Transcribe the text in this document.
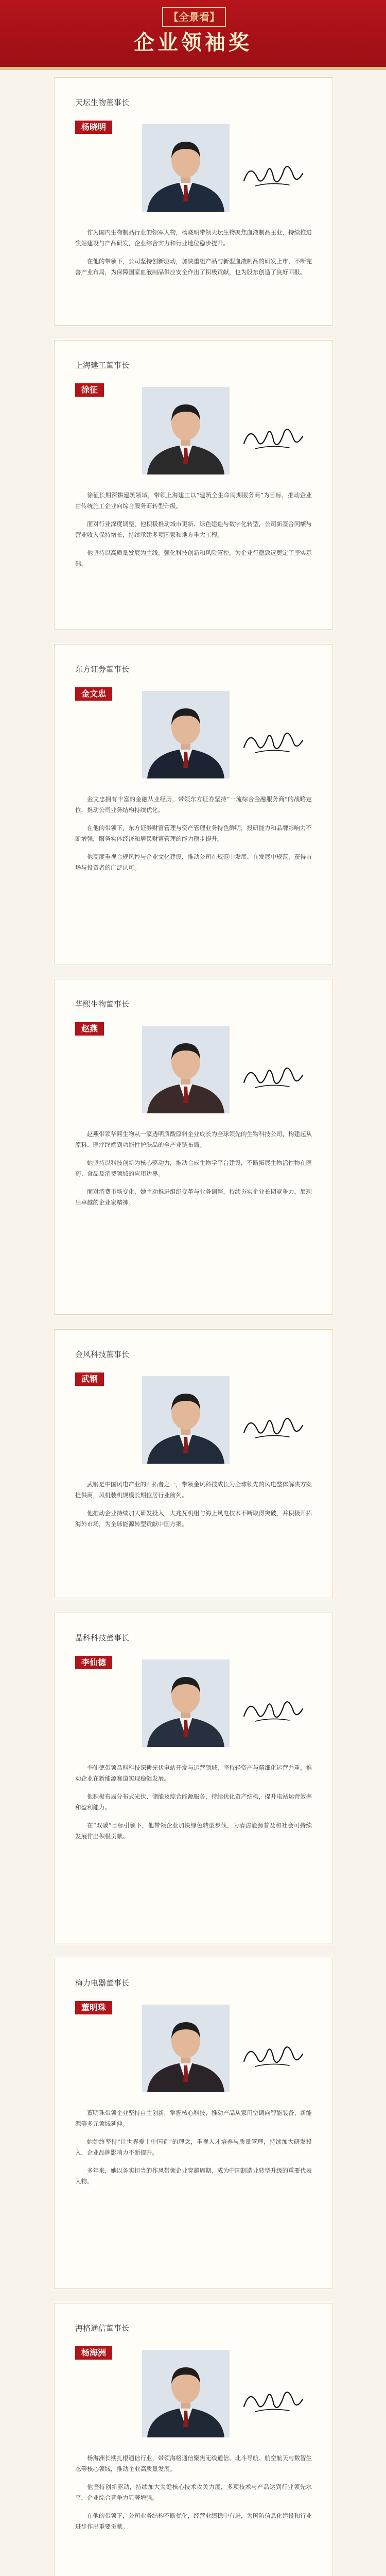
【全景看】
企业领袖奖
天坛生物董事长

杨晓明

作为国内生物制品行业的领军人物，杨晓明带领天坛生物聚焦血液制品主业，持续推进浆站建设与产品研发，企业综合实力和行业地位稳步提升。

在他的带领下，公司坚持创新驱动，加快重组产品与新型血液制品的研发上市，不断完善产业布局，为保障国家血液制品供应安全作出了积极贡献，也为股东创造了良好回报。

上海建工董事长

徐征

徐征长期深耕建筑领域，带领上海建工以“建筑全生命周期服务商”为目标，推动企业由传统施工企业向综合服务商转型升级。

面对行业深度调整，他积极推动城市更新、绿色建造与数字化转型，公司新签合同额与营业收入保持增长，持续承建多项国家和地方重大工程。

他坚持以高质量发展为主线，强化科技创新和风险管控，为企业行稳致远奠定了坚实基础。

东方证券董事长

金文忠

金文忠拥有丰富的金融从业经历，带领东方证券坚持“一流综合金融服务商”的战略定位，推动公司业务结构持续优化。

在他的带领下，东方证券财富管理与资产管理业务特色鲜明，投研能力和品牌影响力不断增强，服务实体经济和居民财富管理的能力稳步提升。

他高度重视合规风控与企业文化建设，推动公司在规范中发展、在发展中规范，获得市场与投资者的广泛认可。

华熙生物董事长

赵燕

赵燕带领华熙生物从一家透明质酸原料企业成长为全球领先的生物科技公司，构建起从原料、医疗终端到功能性护肤品的全产业链布局。

她坚持以科技创新为核心驱动力，推动合成生物学平台建设，不断拓展生物活性物在医药、食品及消费领域的应用边界。

面对消费市场变化，她主动推进组织变革与业务调整，持续夯实企业长期竞争力，展现出卓越的企业家精神。

金风科技董事长

武钢

武钢是中国风电产业的开拓者之一，带领金风科技成长为全球领先的风电整体解决方案提供商，风机装机规模长期位居行业前列。

他推动企业持续加大研发投入，大兆瓦机组与海上风电技术不断取得突破，并积极开拓海外市场，为全球能源转型贡献中国方案。

晶科科技董事长

李仙德

李仙德带领晶科科技深耕光伏电站开发与运营领域，坚持轻资产与精细化运营并重，推动企业在新能源赛道实现稳健发展。

他积极布局分布式光伏、储能及综合能源服务，持续优化资产结构，提升电站运营效率和盈利能力。

在“双碳”目标引领下，他带领企业加快绿色转型步伐，为清洁能源普及和社会可持续发展作出积极贡献。

梅力电器董事长

董明珠

董明珠带领企业坚持自主创新，掌握核心科技，推动产品从家用空调向智能装备、新能源等多元领域延伸。

她始终坚持“让世界爱上中国造”的理念，重视人才培养与质量管理，持续加大研发投入，企业品牌影响力不断提升。

多年来，她以务实担当的作风带领企业穿越周期，成为中国制造业转型升级的重要代表人物。

海格通信董事长

杨海洲

杨海洲长期扎根通信行业，带领海格通信聚焦无线通信、北斗导航、航空航天与数智生态等核心领域，推动企业高质量发展。

他坚持创新驱动，持续加大关键核心技术攻关力度，多项技术与产品达到行业领先水平，企业综合竞争力显著增强。

在他的带领下，公司业务结构不断优化，经营业绩稳中有进，为国防信息化建设和行业进步作出重要贡献。
